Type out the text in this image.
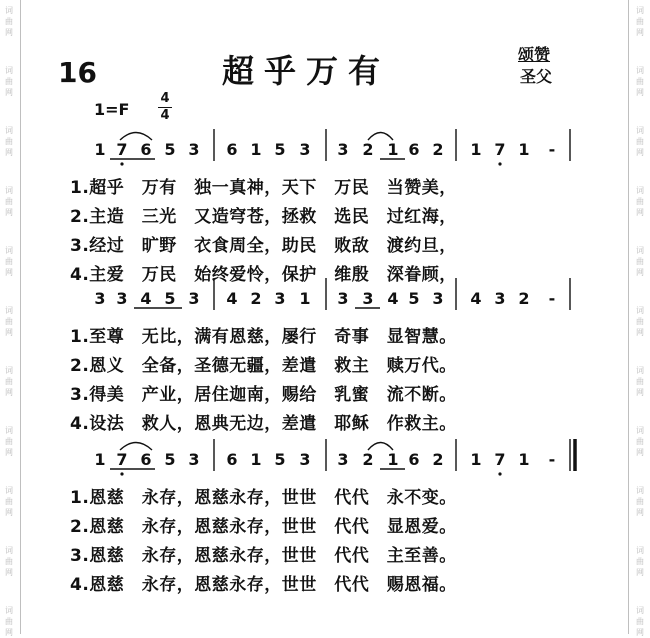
词
曲
网
词
曲
网
词
曲
网
词
曲
网
词
曲
网
词
曲
网
词
曲
网
词
曲
网
词
曲
网
词
曲
网
词
曲
网
词
曲
网
词
曲
网
词
曲
网
词
曲
网
词
曲
网
词
曲
网
词
曲
网
词
曲
网
词
曲
网
词
曲
网
词
曲
网
16	超乎万有	颂赞
圣父
1=F
4
4
1 7 6 5 3 6 1 5 3 3 2 1 6 2 1 7 1 -
3 3 4 5 3 4 2 3 1 3 3 4 5 3 4 3 2 -
1 7 6 5 3 6 1 5 3 3 2 1 6 2 1 7 1 -
1.超乎　万有　独一真神，天下　万民　当赞美，
2.主造　三光　又造穹苍，拯救　选民　过红海，
3.经过　旷野　衣食周全，助民　败敌　渡约旦，
4.主爱　万民　始终爱怜，保护　维殷　深眷顾，
1.至尊　无比，满有恩慈，屡行　奇事　显智慧。
2.恩义　全备，圣德无疆，差遣　救主　赎万代。
3.得美　产业，居住迦南，赐给　乳蜜　流不断。
4.设法　救人，恩典无边，差遣　耶稣　作救主。
1.恩慈　永存，恩慈永存，世世　代代　永不变。
2.恩慈　永存，恩慈永存，世世　代代　显恩爱。
3.恩慈　永存，恩慈永存，世世　代代　主至善。
4.恩慈　永存，恩慈永存，世世　代代　赐恩福。
